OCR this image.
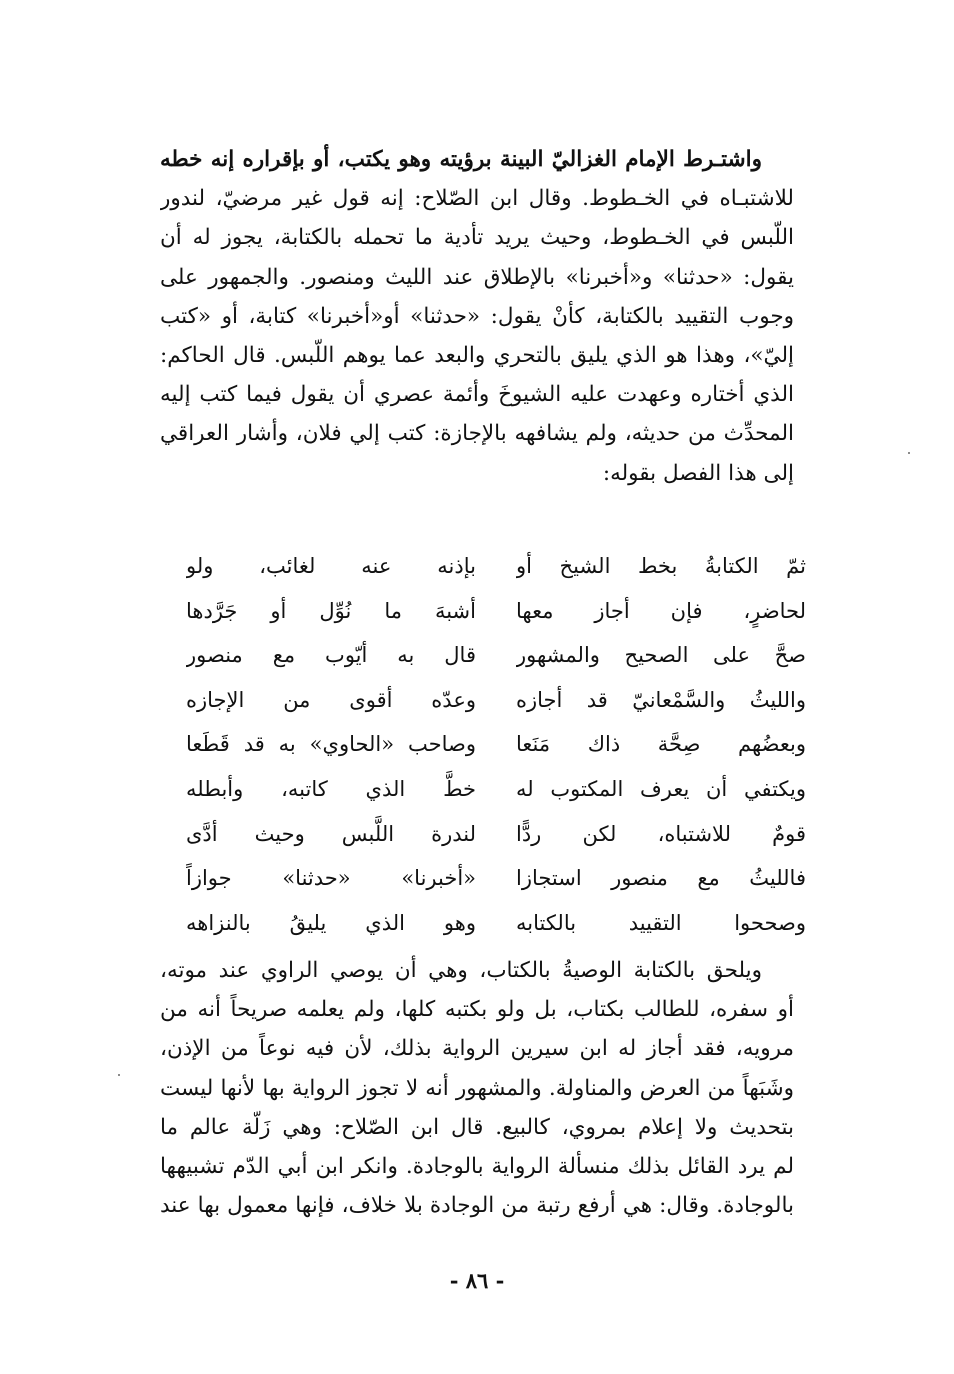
واشتـرط الإمام الغزاليّ البينة برؤيته وهو يكتب، أو بإقراره إنه خطه
للاشتبـاه في الخـطوط. وقال ابن الصّلاح: إنه قول غير مرضيّ، لندور
اللّبس في الخـطوط، وحيث يريد تأدية ما تحمله بالكتابة، يجوز له أن
يقول: «حدثنا» و«أخبرنا» بالإطلاق عند الليث ومنصور. والجمهور على
وجوب التقييد بالكتابة، كأنْ يقول: «حدثنا» أو«أخبرنا» كتابة، أو «كتب
إليّ»، وهذا هو الذي يليق بالتحري والبعد عما يوهم اللّبس. قال الحاكم:
الذي أختاره وعهدت عليه الشيوخَ وأئمة عصري أن يقول فيما كتب إليه
المحدِّث من حديثه، ولم يشافهه بالإجازة: كتب إلي فلان، وأشار العراقي
إلى هذا الفصل بقوله:
ثمّ الكتابةُ بخط الشيخ أو
بإذنه عنه لغائب، ولو
لحاضرٍ، فإن أجاز معها
أشبهَ ما نُوِّل أو جَرَّدها
صحَّ على الصحيح والمشهور
قال به أيّوب مع منصور
والليثُ والسَّمْعانيّ قد أجازه
وعدّه أقوى من الإجازه
وبعضُهم صِحَّة ذاك مَنَعا
وصاحب «الحاوي» به قد قَطَعا
ويكتفي أن يعرف المكتوب له
خطَّ الذي كاتبه، وأبطله
قومٌ للاشتباه، لكن ردًّا
لندرة اللَّبس وحيث أدَّى
فالليثُ مع منصور استجازا
«أخبرنا» «حدثنا» جوازاً
وصححوا التقييد بالكتابه
وهو الذي يليقُ بالنزاهه
ويلحق بالكتابة الوصيةُ بالكتاب، وهي أن يوصي الراوي عند موته،
أو سفره، للطالب بكتاب، بل ولو بكتبه كلها، ولم يعلمه صريحاً أنه من
مرويه، فقد أجاز له ابن سيرين الرواية بذلك، لأن فيه نوعاً من الإذن،
وشَبَهاً من العرض والمناولة. والمشهور أنه لا تجوز الرواية بها لأنها ليست
بتحديث ولا إعلام بمروي، كالبيع. قال ابن الصّلاح: وهي زَلّة عالم ما
لم يرد القائل بذلك منسألة الرواية بالوجادة. وانكر ابن أبي الدّم تشبيهها
بالوجادة. وقال: هي أرفع رتبة من الوجادة بلا خلاف، فإنها معمول بها عند
- ٨٦ -
